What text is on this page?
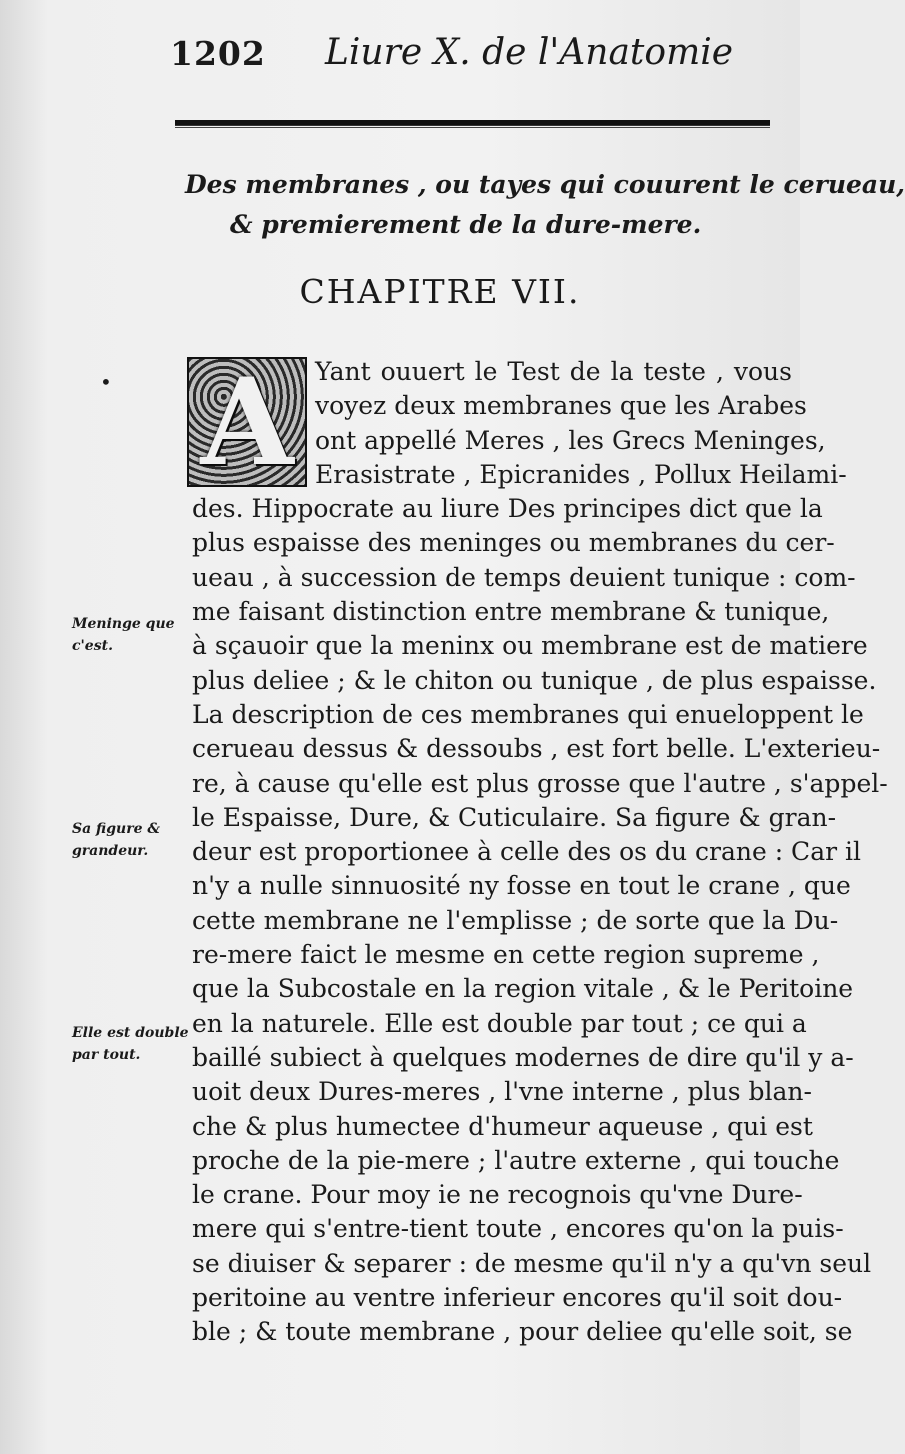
1202 Liure X. de l'Anatomie
Des membranes , ou tayes qui couurent le cerueau,
& premierement de la dure-mere.
CHAPITRE VII.
• A Yant ouuert le Test de la teste , vous
voyez deux membranes que les Arabes
ont appellé Meres , les Grecs Meninges,
Erasistrate , Epicranides , Pollux Heilami-
des. Hippocrate au liure Des principes dict que la
plus espaisse des meninges ou membranes du cer-
ueau , à succession de temps deuient tunique : com-
me faisant distinction entre membrane & tunique,
à sçauoir que la meninx ou membrane est de matiere
plus deliee ; & le chiton ou tunique , de plus espaisse.
La description de ces membranes qui enueloppent le
cerueau dessus & dessoubs , est fort belle. L'exterieu-
re, à cause qu'elle est plus grosse que l'autre , s'appel-
le Espaisse, Dure, & Cuticulaire. Sa figure & gran-
deur est proportionee à celle des os du crane : Car il
n'y a nulle sinnuosité ny fosse en tout le crane , que
cette membrane ne l'emplisse ; de sorte que la Du-
re-mere faict le mesme en cette region supreme ,
que la Subcostale en la region vitale , & le Peritoine
en la naturele. Elle est double par tout ; ce qui a
baillé subiect à quelques modernes de dire qu'il y a-
uoit deux Dures-meres , l'vne interne , plus blan-
che & plus humectee d'humeur aqueuse , qui est
proche de la pie-mere ; l'autre externe , qui touche
le crane. Pour moy ie ne recognois qu'vne Dure-
mere qui s'entre-tient toute , encores qu'on la puis-
se diuiser & separer : de mesme qu'il n'y a qu'vn seul
peritoine au ventre inferieur encores qu'il soit dou-
ble ; & toute membrane , pour deliee qu'elle soit, se
Meninge que c'est.
Sa figure & grandeur.
Elle est double par tout.
